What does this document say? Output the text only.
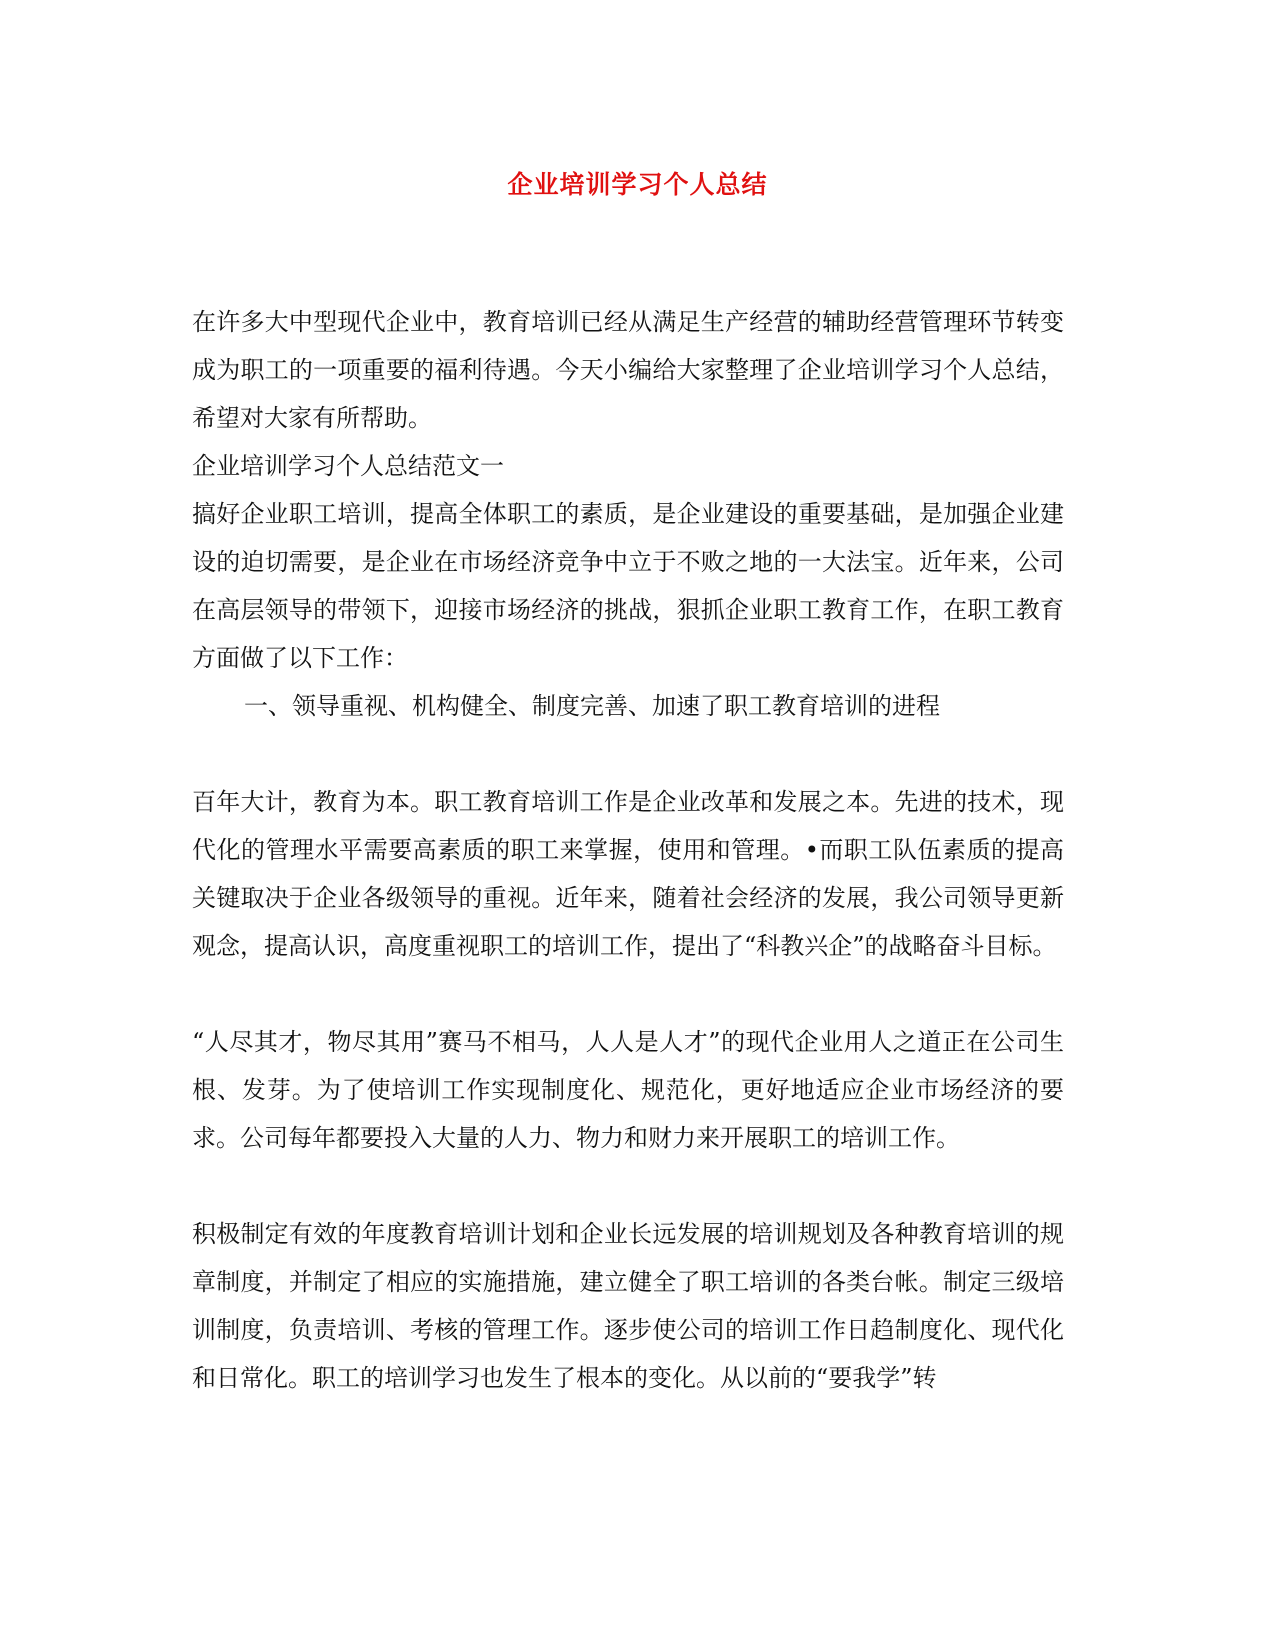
企业培训学习个人总结

在许多大中型现代企业中，教育培训已经从满足生产经营的辅助经营管理环节转变成为职工的一项重要的福利待遇。今天小编给大家整理了企业培训学习个人总结，希望对大家有所帮助。

企业培训学习个人总结范文一

搞好企业职工培训，提高全体职工的素质，是企业建设的重要基础，是加强企业建设的迫切需要，是企业在市场经济竞争中立于不败之地的一大法宝。近年来，公司在高层领导的带领下，迎接市场经济的挑战，狠抓企业职工教育工作，在职工教育方面做了以下工作：

一、领导重视、机构健全、制度完善、加速了职工教育培训的进程

百年大计，教育为本。职工教育培训工作是企业改革和发展之本。先进的技术，现代化的管理水平需要高素质的职工来掌握，使用和管理。•而职工队伍素质的提高关键取决于企业各级领导的重视。近年来，随着社会经济的发展，我公司领导更新观念，提高认识，高度重视职工的培训工作，提出了“科教兴企”的战略奋斗目标。

“人尽其才，物尽其用”赛马不相马，人人是人才”的现代企业用人之道正在公司生根、发芽。为了使培训工作实现制度化、规范化，更好地适应企业市场经济的要求。公司每年都要投入大量的人力、物力和财力来开展职工的培训工作。

积极制定有效的年度教育培训计划和企业长远发展的培训规划及各种教育培训的规章制度，并制定了相应的实施措施，建立健全了职工培训的各类台帐。制定三级培训制度，负责培训、考核的管理工作。逐步使公司的培训工作日趋制度化、现代化和日常化。职工的培训学习也发生了根本的变化。从以前的“要我学”转
